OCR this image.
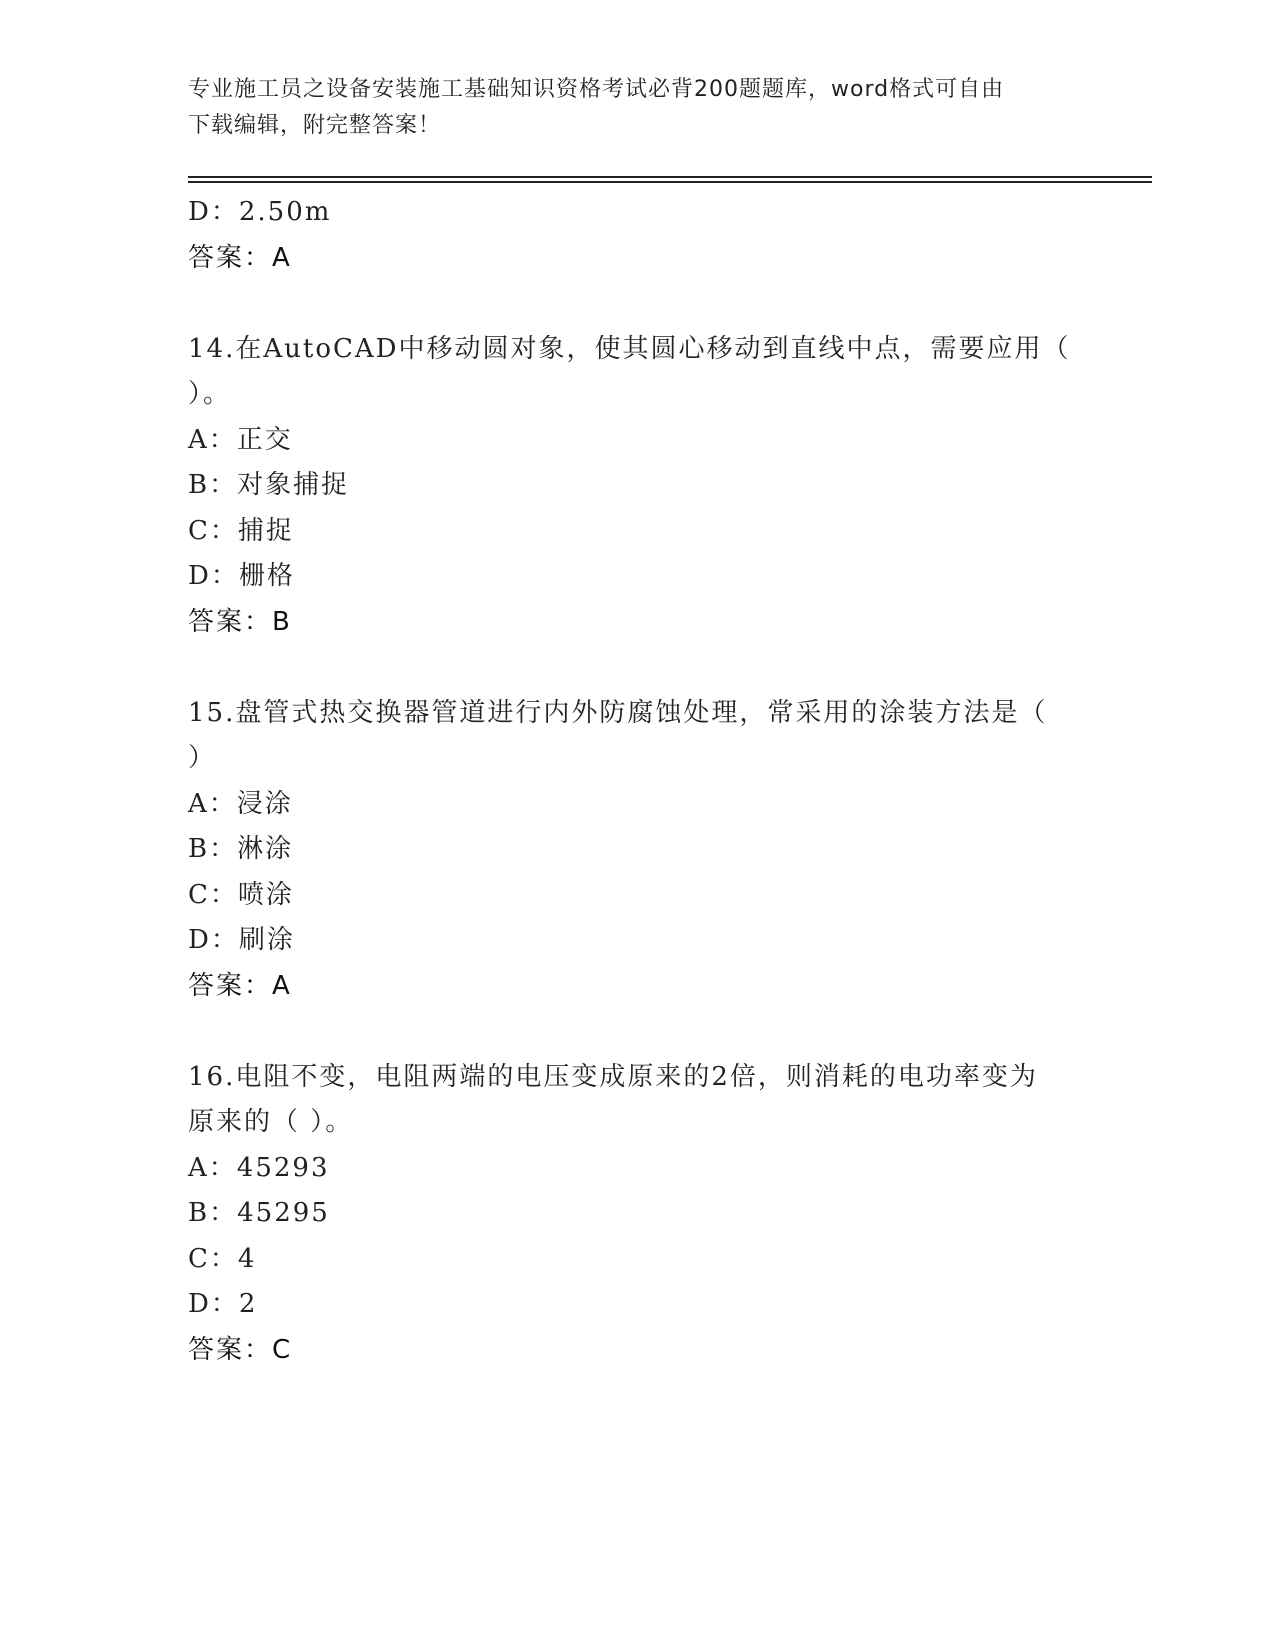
专业施工员之设备安装施工基础知识资格考试必背200题题库，word格式可自由
下载编辑，附完整答案！
D：2.50m
答案：A
14.在AutoCAD中移动圆对象，使其圆心移动到直线中点，需要应用（
）。
A：正交
B：对象捕捉
C：捕捉
D：栅格
答案：B
15.盘管式热交换器管道进行内外防腐蚀处理，常采用的涂装方法是（
）
A：浸涂
B：淋涂
C：喷涂
D：刷涂
答案：A
16.电阻不变，电阻两端的电压变成原来的2倍，则消耗的电功率变为
原来的（ ）。
A：45293
B：45295
C：4
D：2
答案：C
